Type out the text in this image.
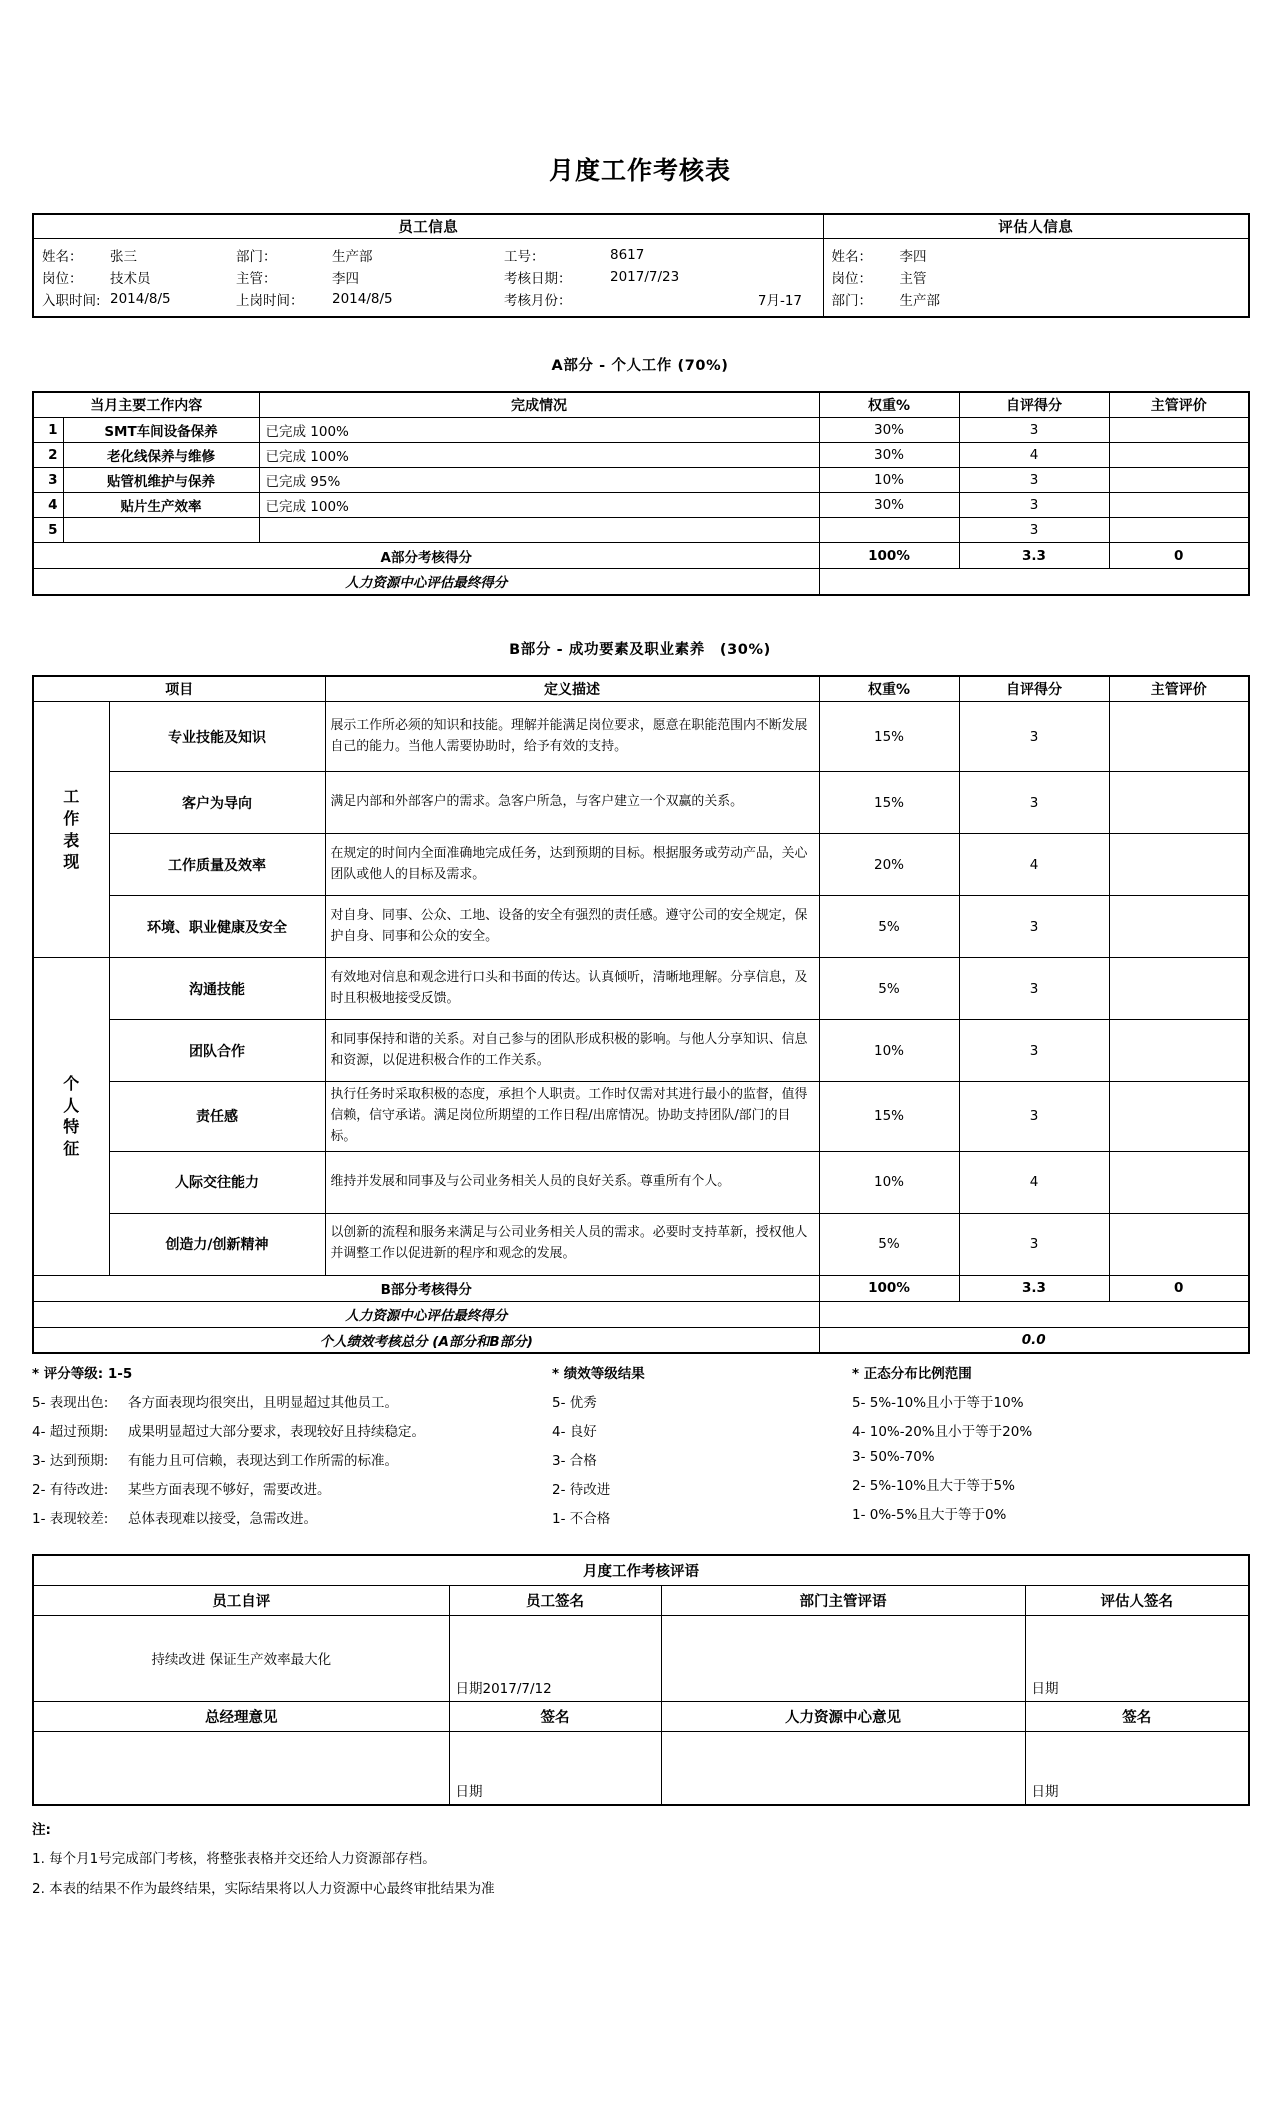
月度工作考核表
员工信息	评估人信息

姓名：	张三	部门：	生产部	工号：	8617
岗位：	技术员	主管：	李四	考核日期：	2017/7/23
入职时间:	2014/8/5	上岗时间：	2014/8/5	考核月份：	7月-17

姓名：	李四
岗位：	主管
部门：	生产部
A部分 - 个人工作 (70%)
当月主要工作内容		完成情况	权重%	自评得分	主管评价
1	SMT车间设备保养	已完成 100%	30%	3	
2	老化线保养与维修	已完成 100%	30%	4	
3	贴管机维护与保养	已完成 95%	10%	3	
4	贴片生产效率	已完成 100%	30%	3	
5				3	
A部分考核得分			100%	3.3	0
人力资源中心评估最终得分					
B部分 - 成功要素及职业素养　(30%)
项目		定义描述	权重%	自评得分	主管评价

工
作
表
现	专业技能及知识	展示工作所必须的知识和技能。理解并能满足岗位要求，愿意在职能范围内不断发展自己的能力。当他人需要协助时，给予有效的支持。	15%	3	
	客户为导向	满足内部和外部客户的需求。急客户所急，与客户建立一个双赢的关系。	15%	3	
	工作质量及效率	在规定的时间内全面准确地完成任务，达到预期的目标。根据服务或劳动产品，关心团队或他人的目标及需求。	20%	4	
	环境、职业健康及安全	对自身、同事、公众、工地、设备的安全有强烈的责任感。遵守公司的安全规定，保护自身、同事和公众的安全。	5%	3	

个
人
特
征	沟通技能	有效地对信息和观念进行口头和书面的传达。认真倾听，清晰地理解。分享信息，及时且积极地接受反馈。	5%	3	
	团队合作	和同事保持和谐的关系。对自己参与的团队形成积极的影响。与他人分享知识、信息和资源，以促进积极合作的工作关系。	10%	3	
	责任感	执行任务时采取积极的态度，承担个人职责。工作时仅需对其进行最小的监督，值得信赖，信守承诺。满足岗位所期望的工作日程/出席情况。协助支持团队/部门的目标。	15%	3	
	人际交往能力	维持并发展和同事及与公司业务相关人员的良好关系。尊重所有个人。	10%	4	
	创造力/创新精神	以创新的流程和服务来满足与公司业务相关人员的需求。必要时支持革新，授权他人并调整工作以促进新的程序和观念的发展。	5%	3	
B部分考核得分			100%	3.3	0
人力资源中心评估最终得分					
个人绩效考核总分 (A部分和B部分)			0.0		
* 评分等级: 1-5
5- 表现出色: 各方面表现均很突出，且明显超过其他员工。
4- 超过预期: 成果明显超过大部分要求，表现较好且持续稳定。
3- 达到预期: 有能力且可信赖，表现达到工作所需的标准。
2- 有待改进: 某些方面表现不够好，需要改进。
1- 表现较差: 总体表现难以接受，急需改进。
* 绩效等级结果
5- 优秀
4- 良好
3- 合格
2- 待改进
1- 不合格
* 正态分布比例范围
5- 5%-10%且小于等于10%
4- 10%-20%且小于等于20%
3- 50%-70%
2- 5%-10%且大于等于5%
1- 0%-5%且大于等于0%
月度工作考核评语			
员工自评	员工签名	部门主管评语	评估人签名
持续改进 保证生产效率最大化	日期2017/7/12		日期

总经理意见	签名	人力资源中心意见	签名

	日期		日期
注:
1. 每个月1号完成部门考核，将整张表格并交还给人力资源部存档。
2. 本表的结果不作为最终结果，实际结果将以人力资源中心最终审批结果为准
